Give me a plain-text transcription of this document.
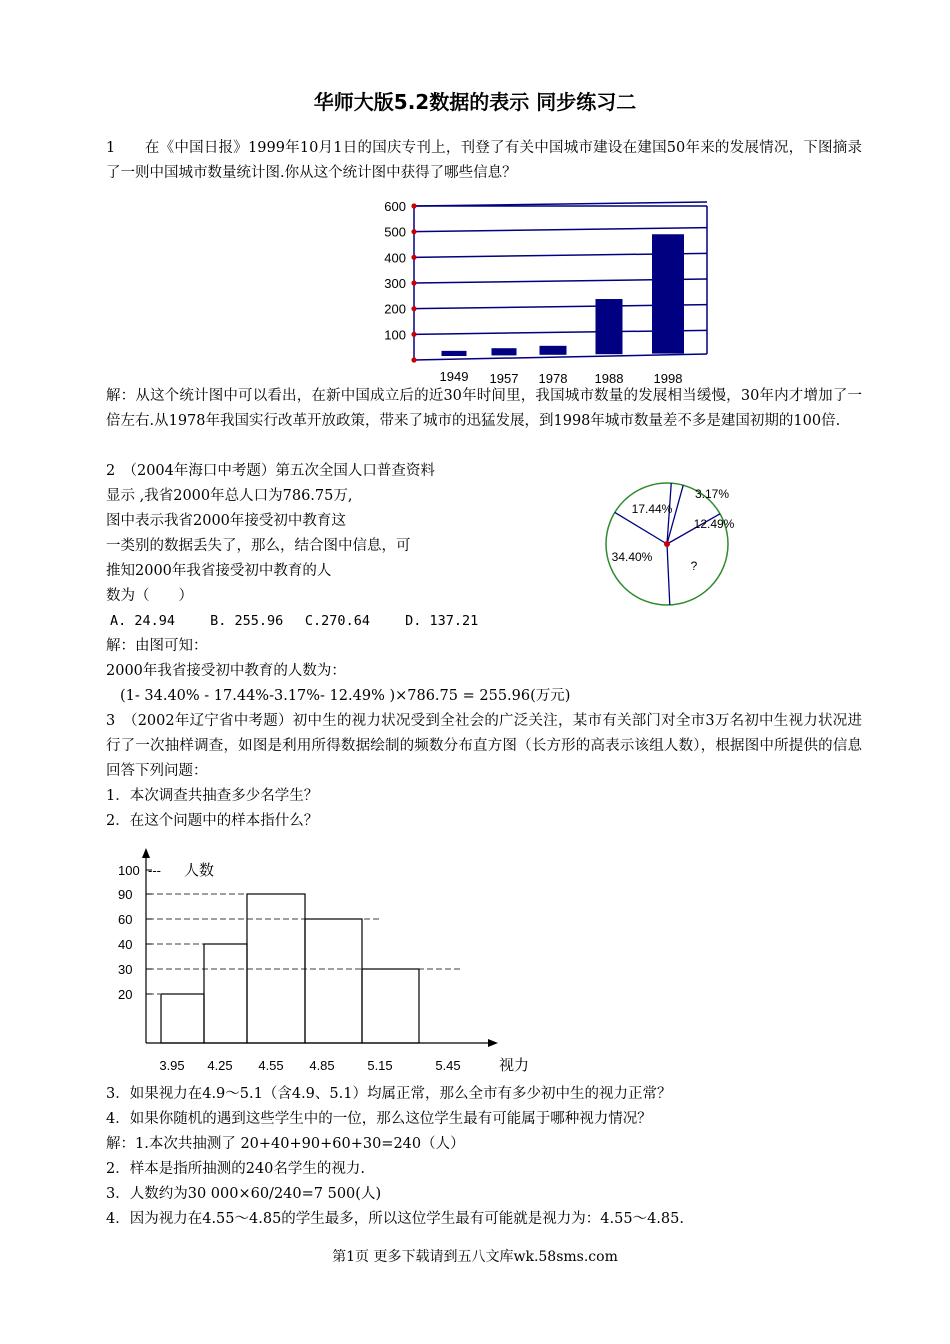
华师大版5.2数据的表示 同步练习二
1　　在《中国日报》1999年10月1日的国庆专刊上，刊登了有关中国城市建设在建国50年来的发展情况，下图摘录了一则中国城市数量统计图.你从这个统计图中获得了哪些信息？
100
200
300
400
500
600
1949 1957 1978 1988 1998
解：从这个统计图中可以看出，在新中国成立后的近30年时间里，我国城市数量的发展相当缓慢，30年内才增加了一倍左右.从1978年我国实行改革开放政策，带来了城市的迅猛发展，到1998年城市数量差不多是建国初期的100倍.
2　（2004年海口中考题）第五次全国人口普查资料
显示 ,我省2000年总人口为786.75万,
图中表示我省2000年接受初中教育这
一类别的数据丢失了，那么，结合图中信息，可
推知2000年我省接受初中教育的人
数为（　　）
A. 24.94　　 B. 255.96　 C.270.64　　 D. 137.21
解：由图可知：
2000年我省接受初中教育的人数为：
(1- 34.40% - 17.44%-3.17%- 12.49% )×786.75 = 255.96(万元)
3.17%
12.49%
?
34.40%
17.44%
3　（2002年辽宁省中考题）初中生的视力状况受到全社会的广泛关注，某市有关部门对全市3万名初中生视力状况进行了一次抽样调查，如图是利用所得数据绘制的频数分布直方图（长方形的高表示该组人数），根据图中所提供的信息回答下列问题：
1．本次调查共抽查多少名学生？
2．在这个问题中的样本指什么？
20
30
40
60
90
100 --- 人数
3.95 4.25 4.55 4.85	5.15	5.45	视力
3．如果视力在4.9～5.1（含4.9、5.1）均属正常，那么全市有多少初中生的视力正常？
4．如果你随机的遇到这些学生中的一位，那么这位学生最有可能属于哪种视力情况？
解：1.本次共抽测了 20+40+90+60+30=240（人）
2．样本是指所抽测的240名学生的视力.
3．人数约为30 000×60/240=7 500(人)
4．因为视力在4.55～4.85的学生最多，所以这位学生最有可能就是视力为：4.55～4.85.
第1页 更多下载请到五八文库wk.58sms.com
